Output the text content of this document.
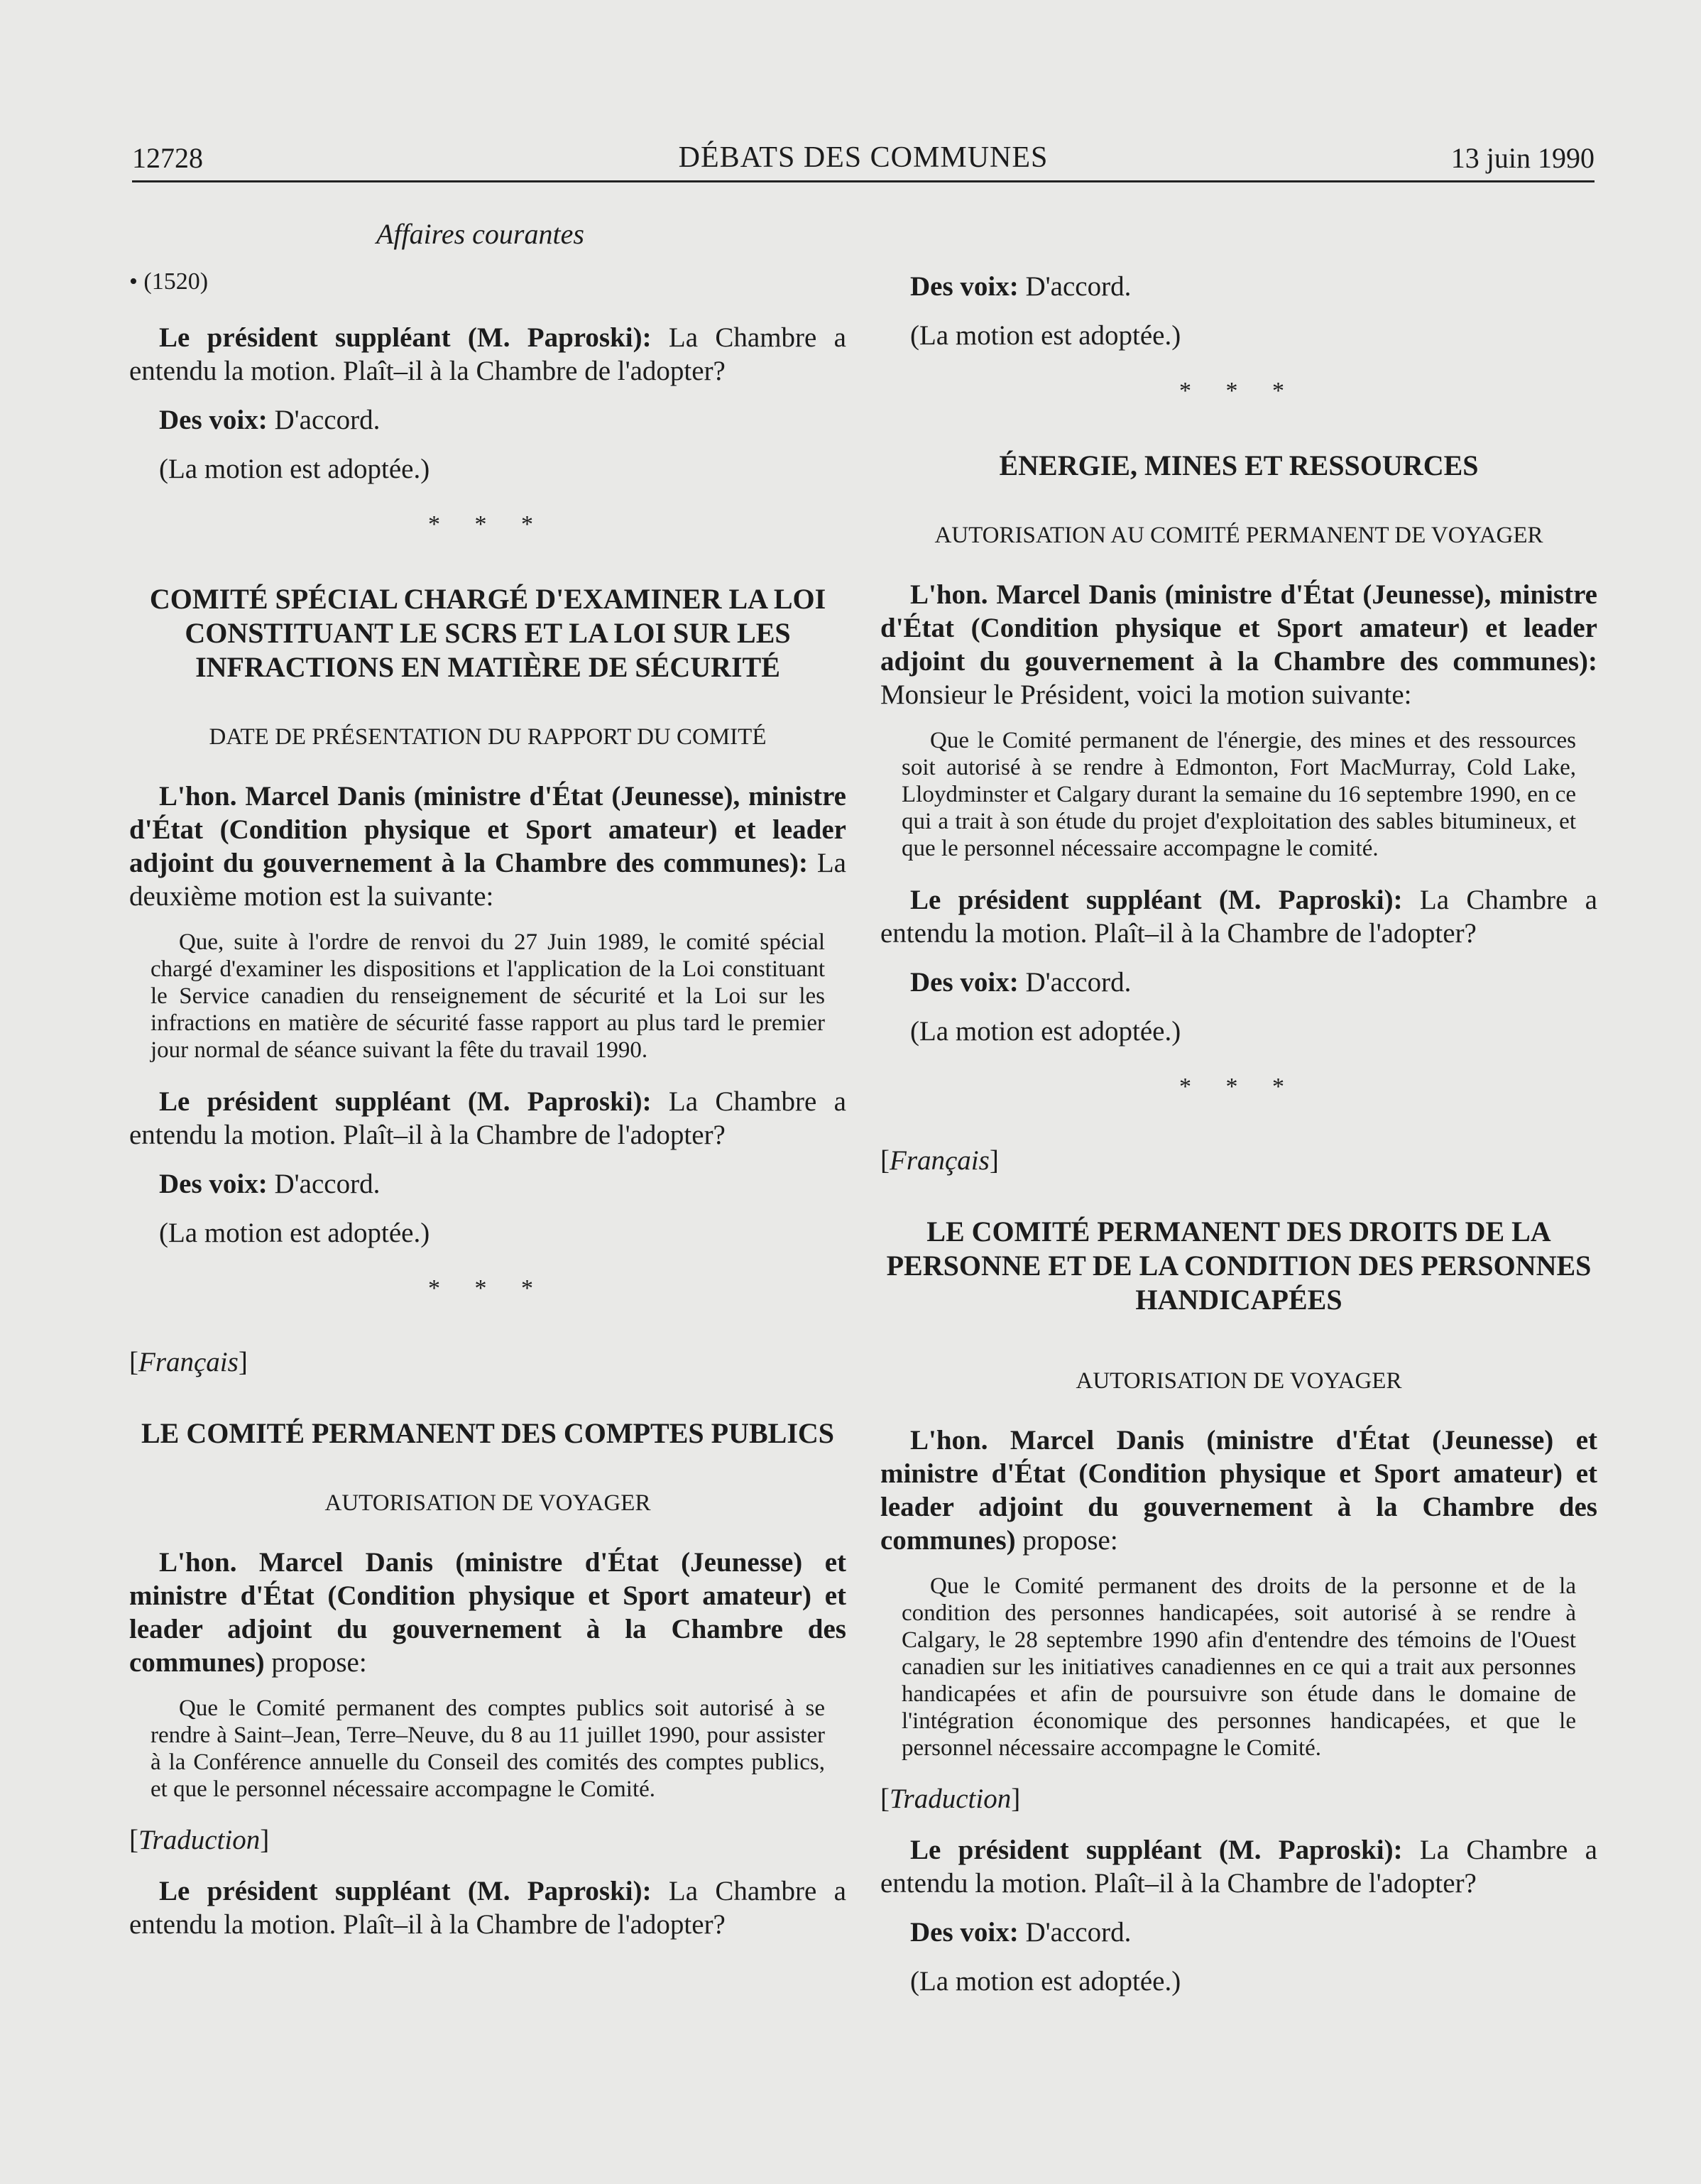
12728	DÉBATS DES COMMUNES	13 juin 1990
Affaires courantes
• (1520)

Le président suppléant (M. Paproski): La Chambre a entendu la motion. Plaît–il à la Chambre de l'adopter?

Des voix: D'accord.

(La motion est adoptée.)

* * *
COMITÉ SPÉCIAL CHARGÉ D'EXAMINER LA LOI CONSTITUANT LE SCRS ET LA LOI SUR LES INFRACTIONS EN MATIÈRE DE SÉCURITÉ
DATE DE PRÉSENTATION DU RAPPORT DU COMITÉ

L'hon. Marcel Danis (ministre d'État (Jeunesse), ministre d'État (Condition physique et Sport amateur) et leader adjoint du gouvernement à la Chambre des communes): La deuxième motion est la suivante:

Que, suite à l'ordre de renvoi du 27 Juin 1989, le comité spécial chargé d'examiner les dispositions et l'application de la Loi constituant le Service canadien du renseignement de sécurité et la Loi sur les infractions en matière de sécurité fasse rapport au plus tard le premier jour normal de séance suivant la fête du travail 1990.

Le président suppléant (M. Paproski): La Chambre a entendu la motion. Plaît–il à la Chambre de l'adopter?

Des voix: D'accord.

(La motion est adoptée.)

* * *
[Français]
LE COMITÉ PERMANENT DES COMPTES PUBLICS
AUTORISATION DE VOYAGER

L'hon. Marcel Danis (ministre d'État (Jeunesse) et ministre d'État (Condition physique et Sport amateur) et leader adjoint du gouvernement à la Chambre des communes) propose:

Que le Comité permanent des comptes publics soit autorisé à se rendre à Saint–Jean, Terre–Neuve, du 8 au 11 juillet 1990, pour assister à la Conférence annuelle du Conseil des comités des comptes publics, et que le personnel nécessaire accompagne le Comité.

[Traduction]

Le président suppléant (M. Paproski): La Chambre a entendu la motion. Plaît–il à la Chambre de l'adopter?

Des voix: D'accord.

(La motion est adoptée.)

* * *
ÉNERGIE, MINES ET RESSOURCES
AUTORISATION AU COMITÉ PERMANENT DE VOYAGER

L'hon. Marcel Danis (ministre d'État (Jeunesse), ministre d'État (Condition physique et Sport amateur) et leader adjoint du gouvernement à la Chambre des communes): Monsieur le Président, voici la motion suivante:

Que le Comité permanent de l'énergie, des mines et des ressources soit autorisé à se rendre à Edmonton, Fort MacMurray, Cold Lake, Lloydminster et Calgary durant la semaine du 16 septembre 1990, en ce qui a trait à son étude du projet d'exploitation des sables bitumineux, et que le personnel nécessaire accompagne le comité.

Le président suppléant (M. Paproski): La Chambre a entendu la motion. Plaît–il à la Chambre de l'adopter?

Des voix: D'accord.

(La motion est adoptée.)

* * *
[Français]
LE COMITÉ PERMANENT DES DROITS DE LA PERSONNE ET DE LA CONDITION DES PERSONNES HANDICAPÉES
AUTORISATION DE VOYAGER

L'hon. Marcel Danis (ministre d'État (Jeunesse) et ministre d'État (Condition physique et Sport amateur) et leader adjoint du gouvernement à la Chambre des communes) propose:

Que le Comité permanent des droits de la personne et de la condition des personnes handicapées, soit autorisé à se rendre à Calgary, le 28 septembre 1990 afin d'entendre des témoins de l'Ouest canadien sur les initiatives canadiennes en ce qui a trait aux personnes handicapées et afin de poursuivre son étude dans le domaine de l'intégration économique des personnes handicapées, et que le personnel nécessaire accompagne le Comité.

[Traduction]

Le président suppléant (M. Paproski): La Chambre a entendu la motion. Plaît–il à la Chambre de l'adopter?

Des voix: D'accord.

(La motion est adoptée.)
